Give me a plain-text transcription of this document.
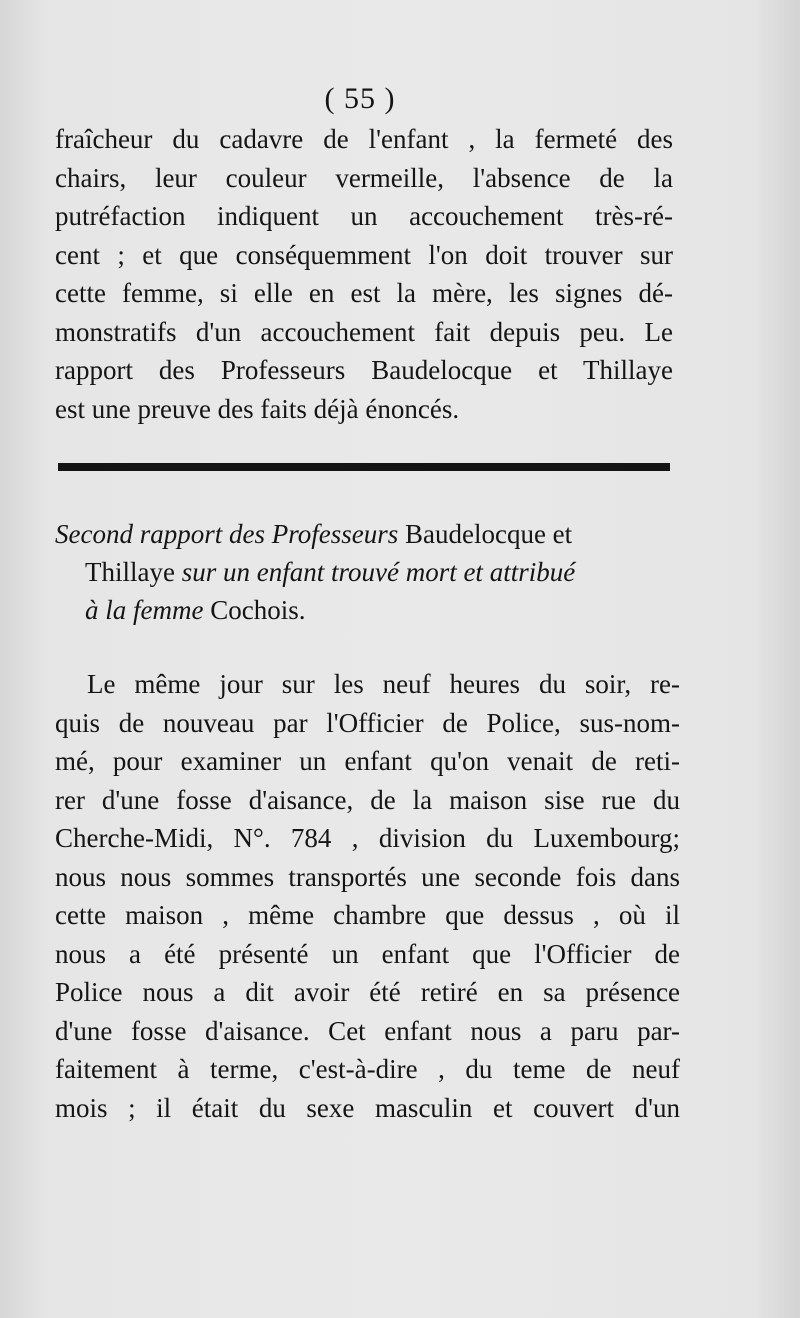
( 55 )
fraîcheur du cadavre de l'enfant , la fermeté des
chairs, leur couleur vermeille, l'absence de la
putréfaction indiquent un accouchement très-ré-
cent ; et que conséquemment l'on doit trouver sur
cette femme, si elle en est la mère, les signes dé-
monstratifs d'un accouchement fait depuis peu. Le
rapport des Professeurs Baudelocque et Thillaye
est une preuve des faits déjà énoncés.
Second rapport des Professeurs Baudelocque et
Thillaye sur un enfant trouvé mort et attribué
à la femme Cochois.
Le même jour sur les neuf heures du soir, re-
quis de nouveau par l'Officier de Police, sus-nom-
mé, pour examiner un enfant qu'on venait de reti-
rer d'une fosse d'aisance, de la maison sise rue du
Cherche-Midi, N°. 784 , division du Luxembourg;
nous nous sommes transportés une seconde fois dans
cette maison , même chambre que dessus , où il
nous a été présenté un enfant que l'Officier de
Police nous a dit avoir été retiré en sa présence
d'une fosse d'aisance. Cet enfant nous a paru par-
faitement à terme, c'est-à-dire , du teme de neuf
mois ; il était du sexe masculin et couvert d'un
